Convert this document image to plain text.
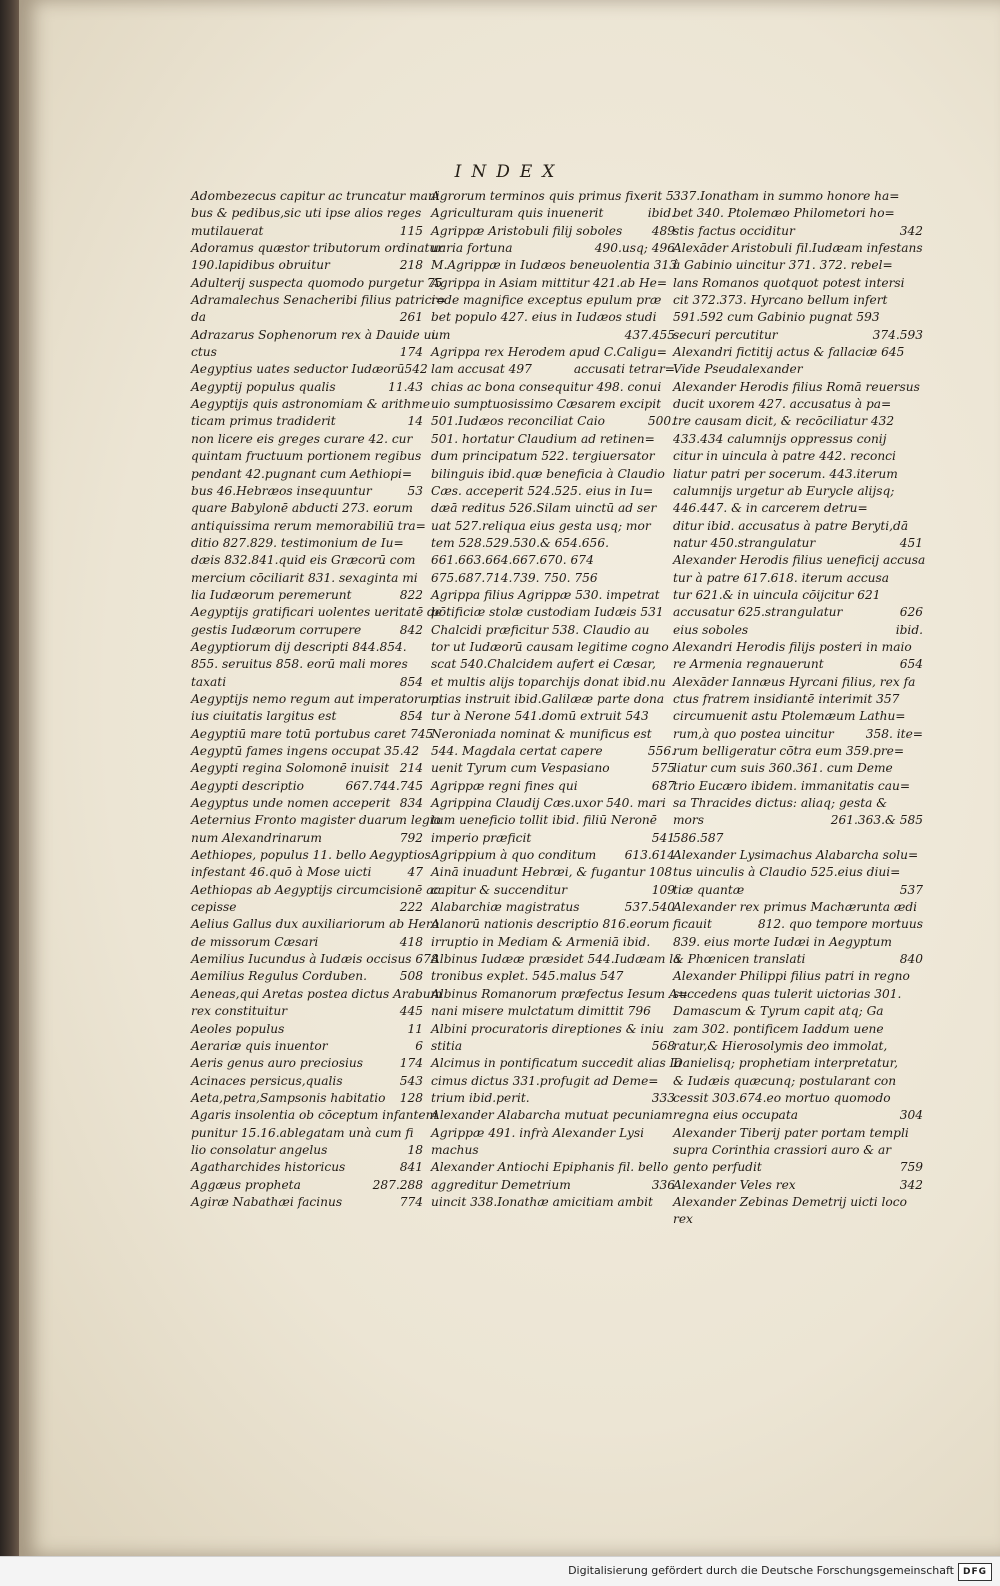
INDEX
Adombezecus capitur ac truncatur mani
bus & pedibus,sic uti ipse alios reges
mutilauerat	115
Adoramus quæstor tributorum ordinatur
190.lapidibus obruitur	218
Adulterij suspecta quomodo purgetur 75
Adramalechus Senacheribi filius patrici=
da	261
Adrazarus Sophenorum rex à Dauide ui
ctus	174
Aegyptius uates seductor Iudæorū 542
Aegyptij populus qualis	11.43
Aegyptijs quis astronomiam & arithme
ticam primus tradiderit	14
non licere eis greges curare 42. cur
quintam fructuum portionem regibus
pendant 42.pugnant cum Aethiopi=
bus 46.Hebræos insequuntur	53
quare Babylonē abducti 273. eorum
antiquissima rerum memorabiliū tra=
ditio 827.829. testimonium de Iu=
dæis 832.841.quid eis Græcorū com
mercium cōciliarit 831. sexaginta mi
lia Iudæorum peremerunt	822
Aegyptijs gratificari uolentes ueritatē de
gestis Iudæorum corrupere	842
Aegyptiorum dij descripti 844.854.
855. seruitus 858. eorū mali mores
taxati	854
Aegyptijs nemo regum aut imperatorum
ius ciuitatis largitus est	854
Aegyptiū mare totū portubus caret 745
Aegyptū fames ingens occupat 35.42
Aegypti regina Solomonē inuisit 214
Aegypti descriptio	667.744.745
Aegyptus unde nomen acceperit 834
Aeternius Fronto magister duarum legio
num Alexandrinarum	792
Aethiopes, populus 11. bello Aegyptios
infestant 46.quō à Mose uicti	47
Aethiopas ab Aegyptijs circumcisionē ac
cepisse	222
Aelius Gallus dux auxiliariorum ab Hero
de missorum Cæsari	418
Aemilius Iucundus à Iudæis occisus 678
Aemilius Regulus Corduben.	508
Aeneas,qui Aretas postea dictus Arabum
rex constituitur	445
Aeoles populus	11
Aerariæ quis inuentor	6
Aeris genus auro preciosius	174
Acinaces persicus,qualis	543
Aeta,petra,Sampsonis habitatio 128
Agaris insolentia ob cōceptum infantem
punitur 15.16.ablegatam unà cum fi
lio consolatur angelus	18
Agatharchides historicus	841
Aggæus propheta	287.288
Agiræ Nabathæi facinus	774
Agrorum terminos quis primus fixerit 5
Agriculturam quis inuenerit	ibid.
Agrippæ Aristobuli filij soboles 489
uaria fortuna	490.usq; 496
M.Agrippæ in Iudæos beneuolentia 313
Agrippa in Asiam mittitur 421.ab He=
rode magnifice exceptus epulum præ
bet populo 427. eius in Iudæos studi
um	437.455
Agrippa rex Herodem apud C.Caligu=
lam accusat 497	accusati tetrar=
chias ac bona consequitur 498. conui
uio sumptuosissimo Cæsarem excipit
501.Iudæos reconciliat Caio	500.
501. hortatur Claudium ad retinen=
dum principatum 522. tergiuersator
bilinguis ibid.quæ beneficia à Claudio
Cæs. acceperit 524.525. eius in Iu=
dæā reditus 526.Silam uinctū ad ser
uat 527.reliqua eius gesta usq; mor
tem 528.529.530.& 654.656.
661.663.664.667.670. 674
675.687.714.739. 750. 756
Agrippa filius Agrippæ 530. impetrat
pōtificiæ stolæ custodiam Iudæis 531
Chalcidi præficitur 538. Claudio au
tor ut Iudæorū causam legitime cogno
scat 540.Chalcidem aufert ei Cæsar,
et multis alijs toparchijs donat ibid.nu
ptias instruit ibid.Galilææ parte dona
tur à Nerone 541.domū extruit 543
Neroniada nominat & munificus est
544. Magdala certat capere	556.
uenit Tyrum cum Vespasiano	575
Agrippæ regni fines qui	687
Agrippina Claudij Cæs.uxor 540. mari
tum ueneficio tollit ibid. filiū Neronē
imperio præficit	541
Agrippium à quo conditum 613.614
Ainā inuadunt Hebræi, & fugantur 108
capitur & succenditur	109
Alabarchiæ magistratus	537.540
Alanorū nationis descriptio 816.eorum
irruptio in Mediam & Armeniā ibid.
Albinus Iudææ præsidet 544.Iudæam la
tronibus explet. 545.malus 547
Albinus Romanorum præfectus Iesum A=
nani misere mulctatum dimittit 796
Albini procuratoris direptiones & iniu
stitia	568
Alcimus in pontificatum succedit alias Ia
cimus dictus 331.profugit ad Deme=
trium ibid.perit.	333
Alexander Alabarcha mutuat pecuniam
Agrippæ 491. infrà Alexander Lysi
machus
Alexander Antiochi Epiphanis fil. bello
aggreditur Demetrium	336
uincit 338.Ionathæ amicitiam ambit
337.Ionatham in summo honore ha=
bet 340. Ptolemæo Philometori ho=
stis factus occiditur	342
Alexāder Aristobuli fil.Iudæam infestans
à Gabinio uincitur 371. 372. rebel=
lans Romanos quotquot potest intersi
cit 372.373. Hyrcano bellum infert
591.592 cum Gabinio pugnat 593
securi percutitur	374.593
Alexandri fictitij actus & fallaciæ 645
Vide Pseudalexander
Alexander Herodis filius Romā reuersus
ducit uxorem 427. accusatus à pa=
tre causam dicit, & recōciliatur 432
433.434 calumnijs oppressus conij
citur in uincula à patre 442. reconci
liatur patri per socerum. 443.iterum
calumnijs urgetur ab Eurycle alijsq;
446.447. & in carcerem detru=
ditur ibid. accusatus à patre Beryti,dā
natur 450.strangulatur	451
Alexander Herodis filius ueneficij accusa
tur à patre 617.618. iterum accusa
tur 621.& in uincula cōijcitur 621
accusatur 625.strangulatur	626
eius soboles	ibid.
Alexandri Herodis filijs posteri in maio
re Armenia regnauerunt	654
Alexāder Iannæus Hyrcani filius, rex fa
ctus fratrem insidiantē interimit 357
circumuenit astu Ptolemæum Lathu=
rum,à quo postea uincitur	358. ite=
rum belligeratur cōtra eum 359.pre=
liatur cum suis 360.361. cum Deme
trio Eucæro ibidem. immanitatis cau=
sa Thracides dictus: aliaq; gesta &
mors	261.363.& 585
586.587
Alexander Lysimachus Alabarcha solu=
tus uinculis à Claudio 525.eius diui=
tiæ quantæ	537
Alexander rex primus Machærunta ædi
ficauit	812. quo tempore mortuus
839. eius morte Iudæi in Aegyptum
& Phœnicen translati	840
Alexander Philippi filius patri in regno
succedens quas tulerit uictorias 301.
Damascum & Tyrum capit atq; Ga
zam 302. pontificem Iaddum uene
ratur,& Hierosolymis deo immolat,
Danielisq; prophetiam interpretatur,
& Iudæis quæcunq; postularant con
cessit 303.674.eo mortuo quomodo
regna eius occupata	304
Alexander Tiberij pater portam templi
supra Corinthia crassiori auro & ar
gento perfudit	759
Alexander Veles rex	342
Alexander Zebinas Demetrij uicti loco
rex
Digitalisierung gefördert durch die Deutsche Forschungsgemeinschaft DFG
